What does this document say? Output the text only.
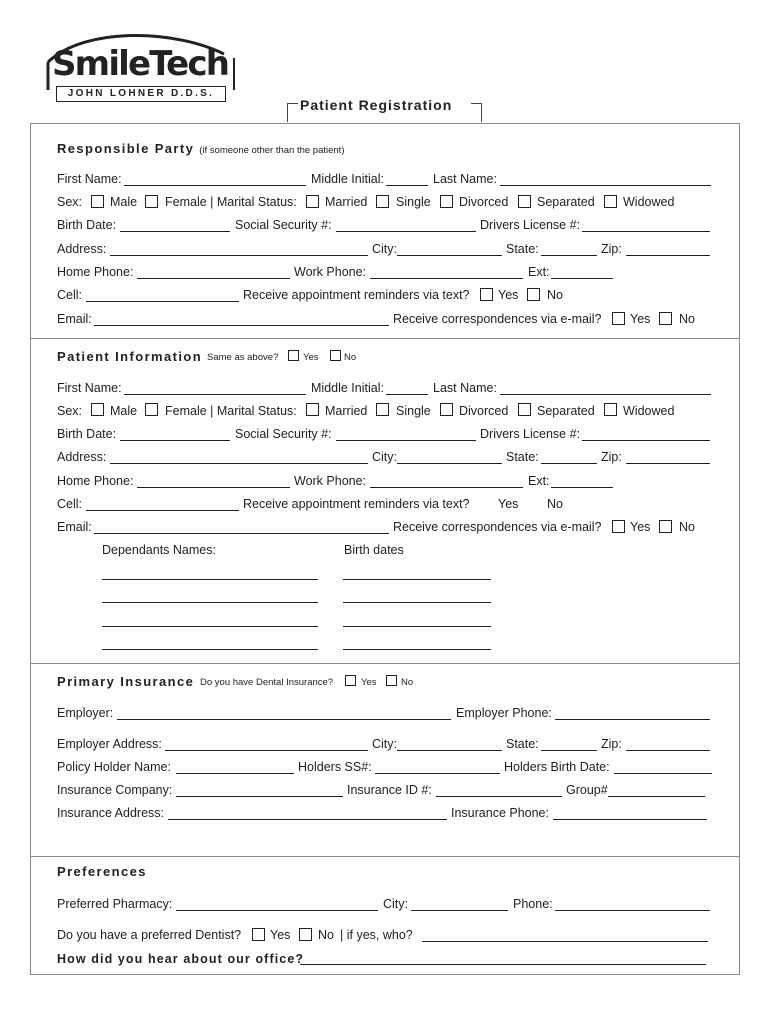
SmileTech
JOHN LOHNER D.D.S.
Patient Registration
Responsible Party (if someone other than the patient)
First Name:	Middle Initial:	Last Name:
Sex: Male Female | Marital Status: Married Single Divorced Separated Widowed
Birth Date:	Social Security #:	Drivers License #:
Address:	City:	State:	Zip:
Home Phone:	Work Phone:	Ext:
Cell:	Receive appointment reminders via text? Yes No
Email:	Receive correspondences via e-mail? Yes No
Patient Information Same as above?	Yes	No
First Name:	Middle Initial:	Last Name:
Sex: Male Female | Marital Status: Married Single Divorced Separated Widowed
Birth Date:	Social Security #:	Drivers License #:
Address:	City:	State:	Zip:
Home Phone:	Work Phone:	Ext:
Cell:	Receive appointment reminders via text? Yes No
Email:	Receive correspondences via e-mail? Yes No
Dependants Names:	Birth dates
Primary Insurance Do you have Dental Insurance?	Yes	No
Employer:	Employer Phone:
Employer Address:	City:	State:	Zip:
Policy Holder Name:	Holders SS#:	Holders Birth Date:
Insurance Company:	Insurance ID #:	Group#
Insurance Address:	Insurance Phone:
Preferences
Preferred Pharmacy:	City:	Phone:
Do you have a preferred Dentist? Yes No | if yes, who?
How did you hear about our office?
